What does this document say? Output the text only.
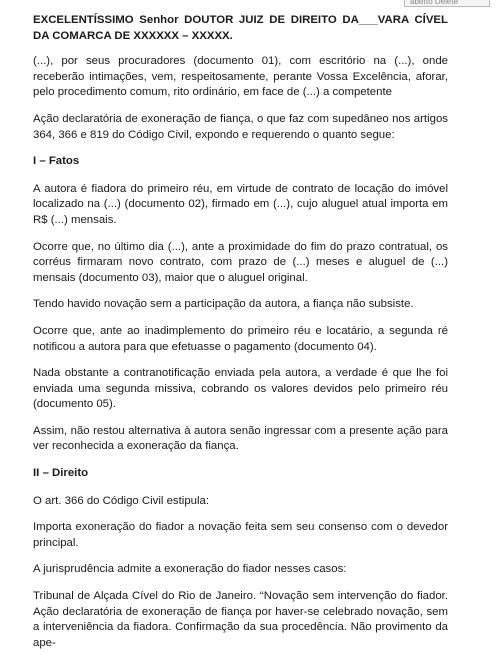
aberto Delete

EXCELENTÍSSIMO Senhor DOUTOR JUIZ DE DIREITO DA___VARA CÍVEL DA COMARCA DE XXXXXX – XXXXX.

(...), por seus procuradores (documento 01), com escritório na (...), onde receberão intimações, vem, respeitosamente, perante Vossa Excelência, aforar, pelo procedimento comum, rito ordinário, em face de (...) a competente

Ação declaratória de exoneração de fiança, o que faz com supedâneo nos artigos 364, 366 e 819 do Código Civil, expondo e requerendo o quanto segue:

I – Fatos

A autora é fiadora do primeiro réu, em virtude de contrato de locação do imóvel localizado na (...) (documento 02), firmado em (...), cujo aluguel atual importa em R$ (...) mensais.

Ocorre que, no último dia (...), ante a proximidade do fim do prazo contratual, os corréus firmaram novo contrato, com prazo de (...) meses e aluguel de (...) mensais (documento 03), maior que o aluguel original.

Tendo havido novação sem a participação da autora, a fiança não subsiste.

Ocorre que, ante ao inadimplemento do primeiro réu e locatário, a segunda ré notificou a autora para que efetuasse o pagamento (documento 04).

Nada obstante a contranotificação enviada pela autora, a verdade é que lhe foi enviada uma segunda missiva, cobrando os valores devidos pelo primeiro réu (documento 05).

Assim, não restou alternativa à autora senão ingressar com a presente ação para ver reconhecida a exoneração da fiança.

II – Direito

O art. 366 do Código Civil estipula:

Importa exoneração do fiador a novação feita sem seu consenso com o devedor principal.

A jurisprudência admite a exoneração do fiador nesses casos:

Tribunal de Alçada Cível do Rio de Janeiro. “Novação sem intervenção do fiador. Ação declaratória de exoneração de fiança por haver-se celebrado novação, sem a interveniência da fiadora. Confirmação da sua procedência. Não provimento da ape-
